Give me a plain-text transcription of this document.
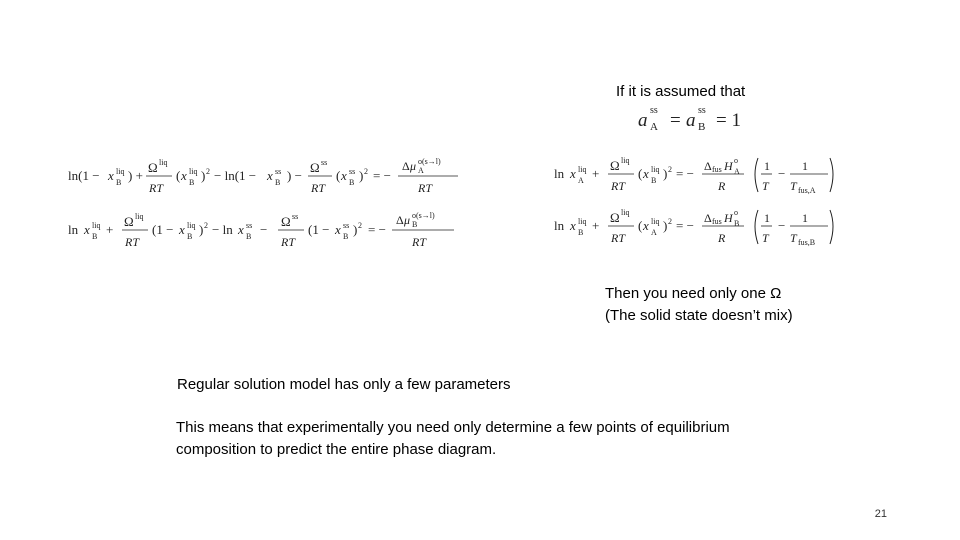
If it is assumed that
a ss
A = a ss
B = 1
ln(1 − x liq
B ) +
Ω liq
RT
( x liq
B ) 2 − ln(1 − x ss
B ) −
Ω ss
RT
( x ss
B ) 2 = −
Δ μ o(s→l)
A
RT
ln x liq
B +
Ω liq
RT
(1 − x liq
B ) 2 − ln x ss
B −
Ω ss
RT
(1 − x ss
B ) 2 = −
Δ μ o(s→l)
B
RT
ln x liq
A +
Ω liq
RT
( x liq
B ) 2 = − Δ fus H o
A
R
1
T
− 1
T fus,A
ln x liq
B +
Ω liq
RT
( x liq
A ) 2 = − Δ fus H o
B
R
1
T
− 1
T fus,B
Then you need only one Ω
(The solid state doesn’t mix)
Regular solution model has only a few parameters
This means that experimentally you need only determine a few points of equilibrium
composition to predict the entire phase diagram.
21
